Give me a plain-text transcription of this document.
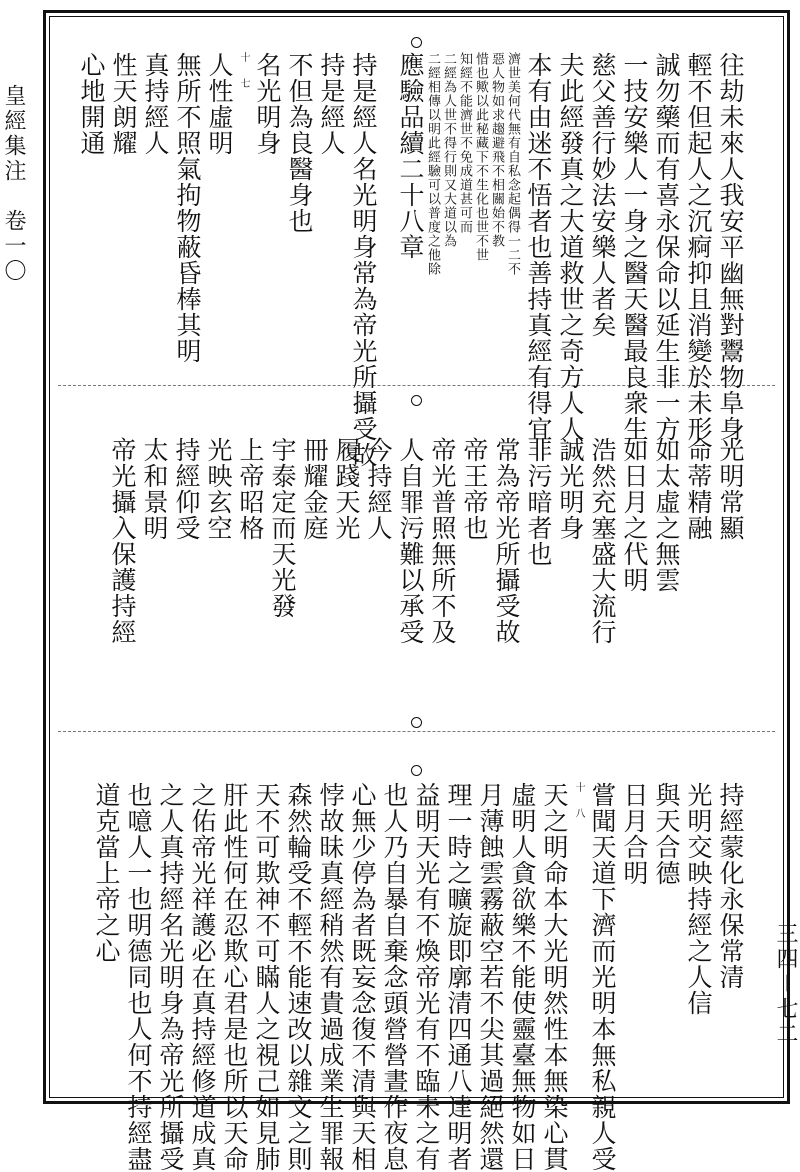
皇經集注　卷一〇
三四－七二
往劫未來人我安平幽無對鬻物阜身
輕不但起人之沉痾抑且消變於未形
誠勿藥而有喜永保命以延生非一方
一技安樂人一身之醫天醫最良衆生
慈父善行妙法安樂人者矣
夫此經發真之大道救世之奇方人人
本有由迷不悟者也善持真經有得宜
濟世美何代無有自私念起偶得一二不
惡人物如求趨避飛不相關始不教
惜也歟以此秘藏下不生化也世不世
知經不能濟世不免成道甚可而
二經為人世不得行則又大道以為
二經相傳以明此經驗可以普度之他除
應驗品續二十八章
持是經人名光明身常為帝光所攝受故
持是經人
不但為良醫身也
名光明身
十　七
人性虛明
無所不照氣拘物蔽昏棒其明
真持經人
性天朗耀
心地開通
光明常顯
命蒂精融
如太虛之無雲
如日月之代明
浩然充塞盛大流行
誠光明身
非污暗者也
常為帝光所攝受故
帝王帝也
帝光普照無所不及
人自罪污難以承受
今持經人
履踐天光
冊耀金庭
宇泰定而天光發
上帝昭格
光映玄空
持經仰受
太和景明
帝光攝入保護持經
持經蒙化永保常清
光明交映持經之人信
與天合德
日月合明
嘗聞天道下濟而光明本無私親人受
十　八
天之明命本大光明然性本無染心貫
虛明人貪欲樂不能使靈臺無物如日
月薄蝕雲霧蔽空若不尖其過絕然還
理一時之曠旋即廓清四通八達明者
益明天光有不煥帝光有不臨未之有
也人乃自暴自棄念頭營營晝作夜息
心無少停為者既妄念復不清與天相
悖故昧真經稍然有貴過成業生罪報
森然輪受不輕不能速改以雜文之則
天不可欺神不可瞞人之視己如見肺
肝此性何在忍欺心君是也所以天命
之佑帝光祥護必在真持經修道成真
之人真持經名光明身為帝光所攝受
也噫人一也明德同也人何不持經盡
道克當上帝之心
